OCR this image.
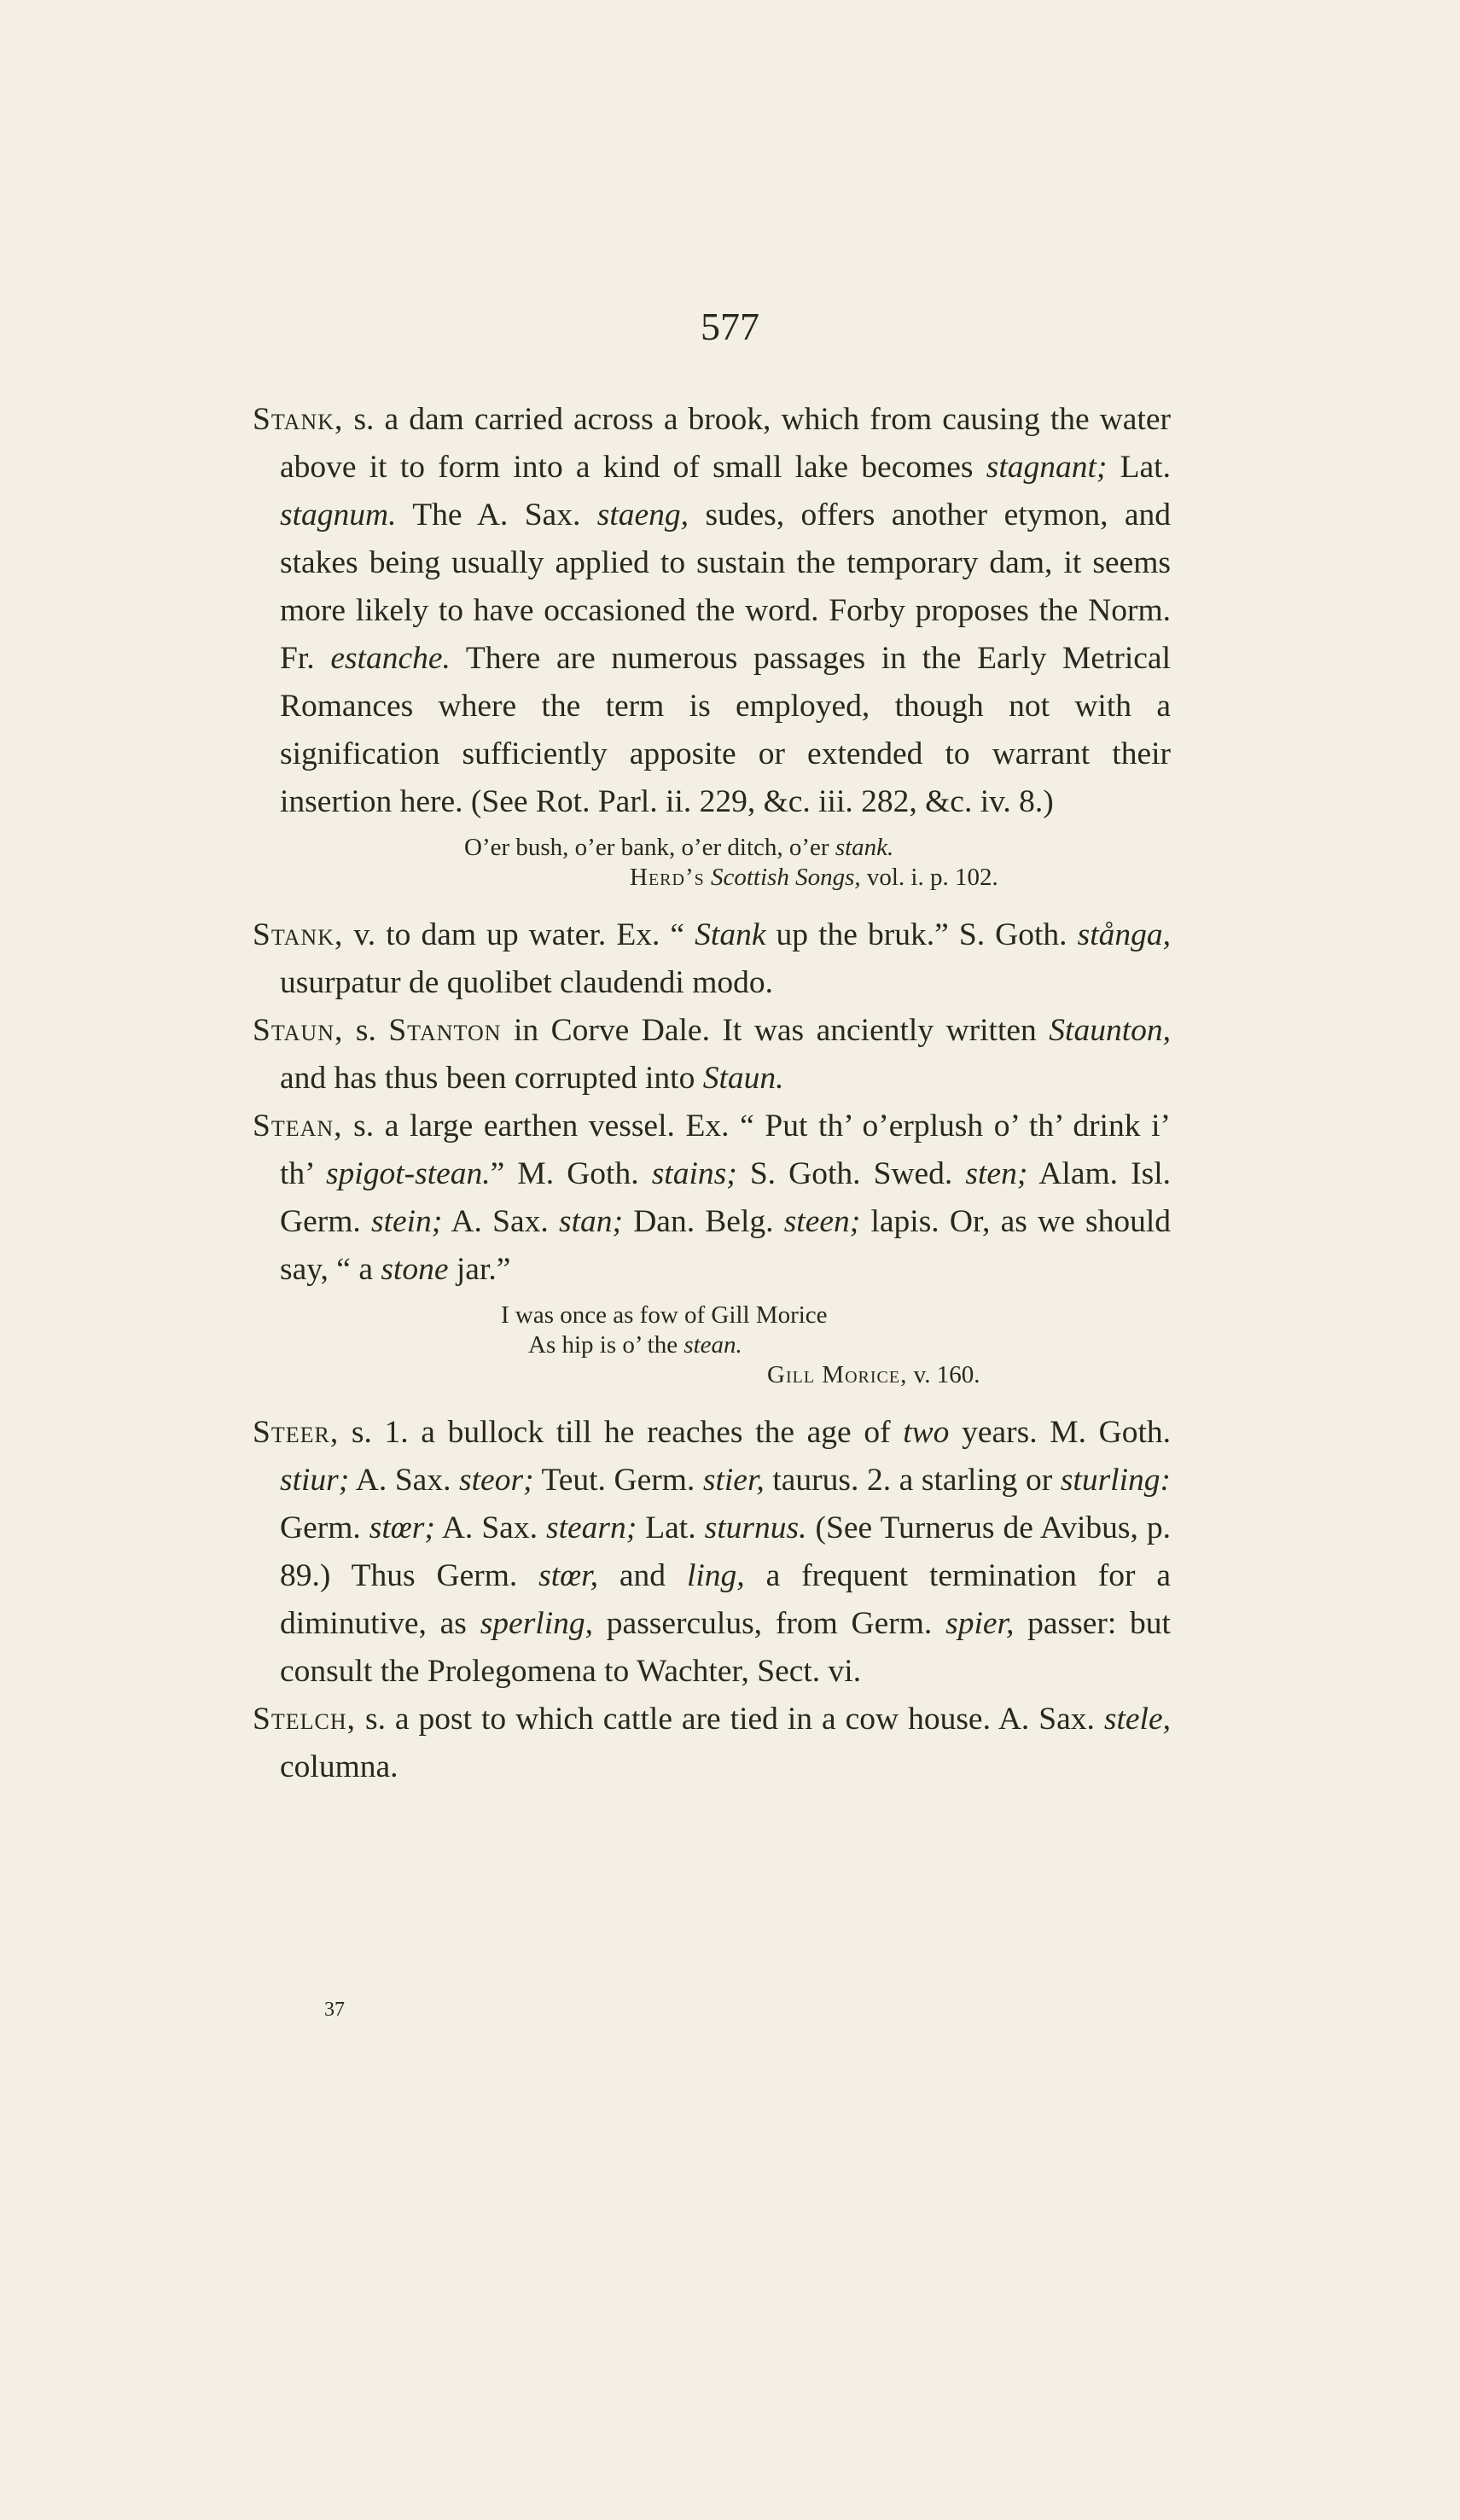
577

Stank, s. a dam carried across a brook, which from causing the water above it to form into a kind of small lake becomes stagnant; Lat. stagnum. The A. Sax. staeng, sudes, offers another etymon, and stakes being usually applied to sustain the temporary dam, it seems more likely to have occasioned the word. Forby proposes the Norm. Fr. estanche. There are numerous passages in the Early Metrical Romances where the term is employed, though not with a signification sufficiently apposite or extended to warrant their insertion here. (See Rot. Parl. ii. 229, &c. iii. 282, &c. iv. 8.)

O’er bush, o’er bank, o’er ditch, o’er stank.
Herd’s Scottish Songs, vol. i. p. 102.

Stank, v. to dam up water. Ex. “ Stank up the bruk.” S. Goth. stånga, usurpatur de quolibet claudendi modo.

Staun, s. Stanton in Corve Dale. It was anciently written Staunton, and has thus been corrupted into Staun.

Stean, s. a large earthen vessel. Ex. “ Put th’ o’erplush o’ th’ drink i’ th’ spigot-stean.” M. Goth. stains; S. Goth. Swed. sten; Alam. Isl. Germ. stein; A. Sax. stan; Dan. Belg. steen; lapis. Or, as we should say, “ a stone jar.”

I was once as fow of Gill Morice
As hip is o’ the stean.
Gill Morice, v. 160.

Steer, s. 1. a bullock till he reaches the age of two years. M. Goth. stiur; A. Sax. steor; Teut. Germ. stier, taurus. 2. a starling or sturling: Germ. stœr; A. Sax. stearn; Lat. sturnus. (See Turnerus de Avibus, p. 89.) Thus Germ. stœr, and ling, a frequent termination for a diminutive, as sperling, passerculus, from Germ. spier, passer: but consult the Prolegomena to Wachter, Sect. vi.

Stelch, s. a post to which cattle are tied in a cow house. A. Sax. stele, columna.

37
